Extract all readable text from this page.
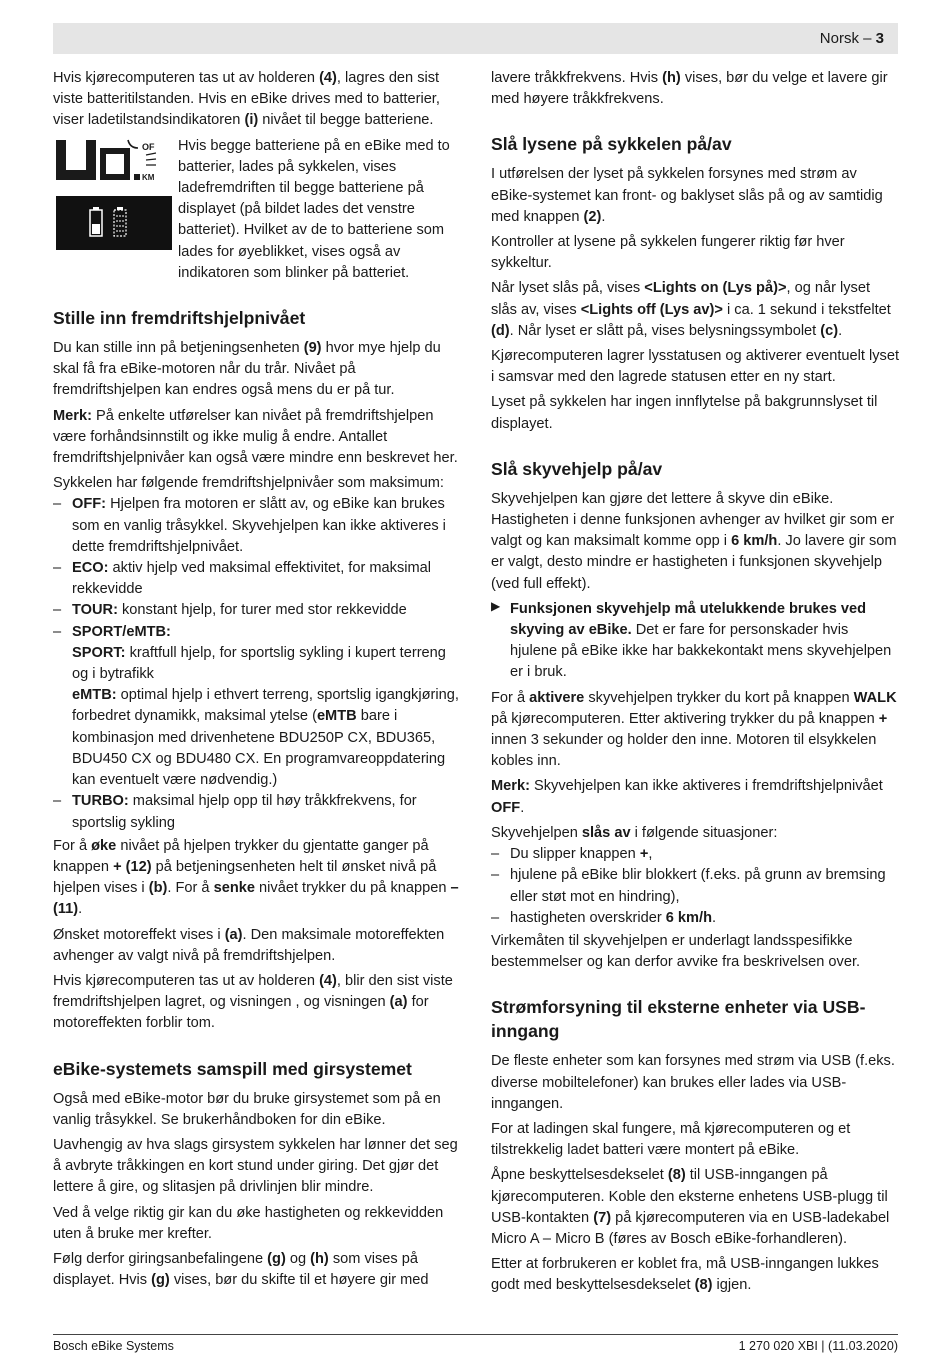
Norsk – 3

Hvis kjørecomputeren tas ut av holderen (4), lagres den sist viste batteritilstanden. Hvis en eBike drives med to batterier, viser ladetilstandsindikatoren (i) nivået til begge batteriene.

OF
KM

Hvis begge batteriene på en eBike med to batterier, lades på sykkelen, vises ladefremdriften til begge batteriene på displayet (på bildet lades det venstre batteriet). Hvilket av de to batteriene som lades for øyeblikket, vises også av indikatoren som blinker på batteriet.

Stille inn fremdriftshjelpnivået

Du kan stille inn på betjeningsenheten (9) hvor mye hjelp du skal få fra eBike-motoren når du trår. Nivået på fremdriftshjelpen kan endres også mens du er på tur.

Merk: På enkelte utførelser kan nivået på fremdriftshjelpen være forhåndsinnstilt og ikke mulig å endre. Antallet fremdriftshjelpnivåer kan også være mindre enn beskrevet her.

Sykkelen har følgende fremdriftshjelpnivåer som maksimum:

– OFF: Hjelpen fra motoren er slått av, og eBike kan brukes som en vanlig tråsykkel. Skyvehjelpen kan ikke aktiveres i dette fremdriftshjelpnivået.
– ECO: aktiv hjelp ved maksimal effektivitet, for maksimal rekkevidde
– TOUR: konstant hjelp, for turer med stor rekkevidde
– SPORT/eMTB:
SPORT: kraftfull hjelp, for sportslig sykling i kupert terreng og i bytrafikk
eMTB: optimal hjelp i ethvert terreng, sportslig igangkjøring, forbedret dynamikk, maksimal ytelse (eMTB bare i kombinasjon med drivenhetene BDU250P CX, BDU365, BDU450 CX og BDU480 CX. En programvareoppdatering kan eventuelt være nødvendig.)
– TURBO: maksimal hjelp opp til høy tråkkfrekvens, for sportslig sykling

For å øke nivået på hjelpen trykker du gjentatte ganger på knappen + (12) på betjeningsenheten helt til ønsket nivå på hjelpen vises i (b). For å senke nivået trykker du på knappen – (11).

Ønsket motoreffekt vises i (a). Den maksimale motoreffekten avhenger av valgt nivå på fremdriftshjelpen.

Hvis kjørecomputeren tas ut av holderen (4), blir den sist viste fremdriftshjelpen lagret, og visningen , og visningen (a) for motoreffekten forblir tom.

eBike-systemets samspill med girsystemet

Også med eBike-motor bør du bruke girsystemet som på en vanlig tråsykkel. Se brukerhåndboken for din eBike.

Uavhengig av hva slags girsystem sykkelen har lønner det seg å avbryte tråkkingen en kort stund under giring. Det gjør det lettere å gire, og slitasjen på drivlinjen blir mindre.

Ved å velge riktig gir kan du øke hastigheten og rekkevidden uten å bruke mer krefter.

Følg derfor giringsanbefalingene (g) og (h) som vises på displayet. Hvis (g) vises, bør du skifte til et høyere gir med

lavere tråkkfrekvens. Hvis (h) vises, bør du velge et lavere gir med høyere tråkkfrekvens.

Slå lysene på sykkelen på/av

I utførelsen der lyset på sykkelen forsynes med strøm av eBike-systemet kan front- og baklyset slås på og av samtidig med knappen (2).

Kontroller at lysene på sykkelen fungerer riktig før hver sykkeltur.

Når lyset slås på, vises <Lights on (Lys på)>, og når lyset slås av, vises <Lights off (Lys av)> i ca. 1 sekund i tekstfeltet (d). Når lyset er slått på, vises belysningssymbolet (c).

Kjørecomputeren lagrer lysstatusen og aktiverer eventuelt lyset i samsvar med den lagrede statusen etter en ny start.

Lyset på sykkelen har ingen innflytelse på bakgrunnslyset til displayet.

Slå skyvehjelp på/av

Skyvehjelpen kan gjøre det lettere å skyve din eBike. Hastigheten i denne funksjonen avhenger av hvilket gir som er valgt og kan maksimalt komme opp i 6 km/h. Jo lavere gir som er valgt, desto mindre er hastigheten i funksjonen skyvehjelp (ved full effekt).

▶ Funksjonen skyvehjelp må utelukkende brukes ved skyving av eBike. Det er fare for personskader hvis hjulene på eBike ikke har bakkekontakt mens skyvehjelpen er i bruk.

For å aktivere skyvehjelpen trykker du kort på knappen WALK på kjørecomputeren. Etter aktivering trykker du på knappen + innen 3 sekunder og holder den inne. Motoren til elsykkelen kobles inn.

Merk: Skyvehjelpen kan ikke aktiveres i fremdriftshjelpnivået OFF.

Skyvehjelpen slås av i følgende situasjoner:

– Du slipper knappen +,
– hjulene på eBike blir blokkert (f.eks. på grunn av bremsing eller støt mot en hindring),
– hastigheten overskrider 6 km/h.

Virkemåten til skyvehjelpen er underlagt landsspesifikke bestemmelser og kan derfor avvike fra beskrivelsen over.

Strømforsyning til eksterne enheter via USB-inngang

De fleste enheter som kan forsynes med strøm via USB (f.eks. diverse mobiltelefoner) kan brukes eller lades via USB-inngangen.

For at ladingen skal fungere, må kjørecomputeren og et tilstrekkelig ladet batteri være montert på eBike.

Åpne beskyttelsesdekselet (8) til USB-inngangen på kjørecomputeren. Koble den eksterne enhetens USB-plugg til USB-kontakten (7) på kjørecomputeren via en USB-ladekabel Micro A – Micro B (føres av Bosch eBike-forhandleren).

Etter at forbrukeren er koblet fra, må USB-inngangen lukkes godt med beskyttelsesdekselet (8) igjen.

Bosch eBike Systems	1 270 020 XBI | (11.03.2020)
